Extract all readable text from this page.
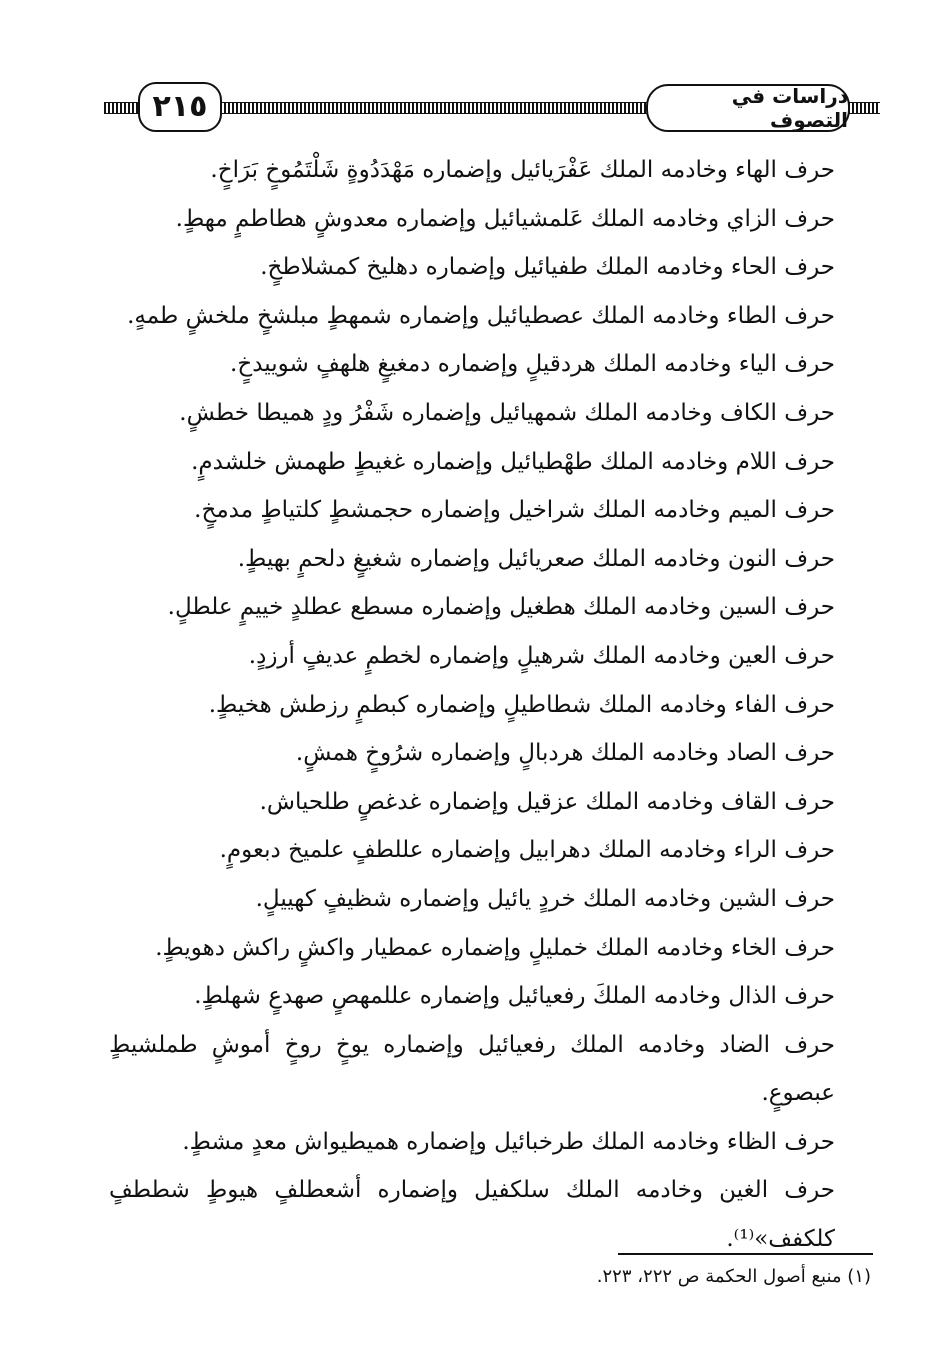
٢١٥	دراسات في التصوف

حرف الهاء وخادمه الملك عَفْرَيائيل وإضماره مَهْدَدُوةٍ شَلْتَمُوخٍ بَرَاخٍ.

حرف الزاي وخادمه الملك عَلمشيائيل وإضماره معدوشٍ هطاطمٍ مهطٍ.

حرف الحاء وخادمه الملك طفيائيل وإضماره دهليخ كمشلاطخٍ.

حرف الطاء وخادمه الملك عصطيائيل وإضماره شمهطٍ مبلشخٍ ملخشٍ طمهٍ.

حرف الياء وخادمه الملك هردقيلٍ وإضماره دمغيغٍ هلهفٍ شوييدخٍ.

حرف الكاف وخادمه الملك شمهيائيل وإضماره شَفْرُ ودٍ هميطا خطشٍ.

حرف اللام وخادمه الملك طهْطيائيل وإضماره غغيطٍ طهمش خلشدمٍ.

حرف الميم وخادمه الملك شراخيل وإضماره حجمشطٍ كلتياطٍ مدمخٍ.

حرف النون وخادمه الملك صعريائيل وإضماره شغيغٍ دلحمٍ بهيطٍ.

حرف السين وخادمه الملك هطغيل وإضماره مسطع عطلدٍ خييمٍ علطلٍ.

حرف العين وخادمه الملك شرهيلٍ وإضماره لخطمٍ عديفٍ أرزدٍ.

حرف الفاء وخادمه الملك شطاطيلٍ وإضماره كبطمٍ رزطش هخيطٍ.

حرف الصاد وخادمه الملك هردبالٍ وإضماره شرُوخٍ همشٍ.

حرف القاف وخادمه الملك عزقيل وإضماره غدغصٍ طلحياش.

حرف الراء وخادمه الملك دهرابيل وإضماره عللطفٍ علميخ دبعومٍ.

حرف الشين وخادمه الملك خردٍ يائيل وإضماره شظيفٍ كهييلٍ.

حرف الخاء وخادمه الملك خمليلٍ وإضماره عمطيار واكشٍ راكش دهويطٍ.

حرف الذال وخادمه الملكَ رفعيائيل وإضماره عللمهصٍ صهدعٍ شهلطٍ.

حرف الضاد وخادمه الملك رفعيائيل وإضماره يوخٍ روخٍ أموشٍ طملشيطٍ عبصوعٍ.

حرف الظاء وخادمه الملك طرخبائيل وإضماره هميطيواش معدٍ مشطٍ.

حرف الغين وخادمه الملك سلكفيل وإضماره أشعطلفٍ هيوطٍ شططفٍ كلكفف»⁽¹⁾.

(١) منبع أصول الحكمة ص ٢٢٢، ٢٢٣.
